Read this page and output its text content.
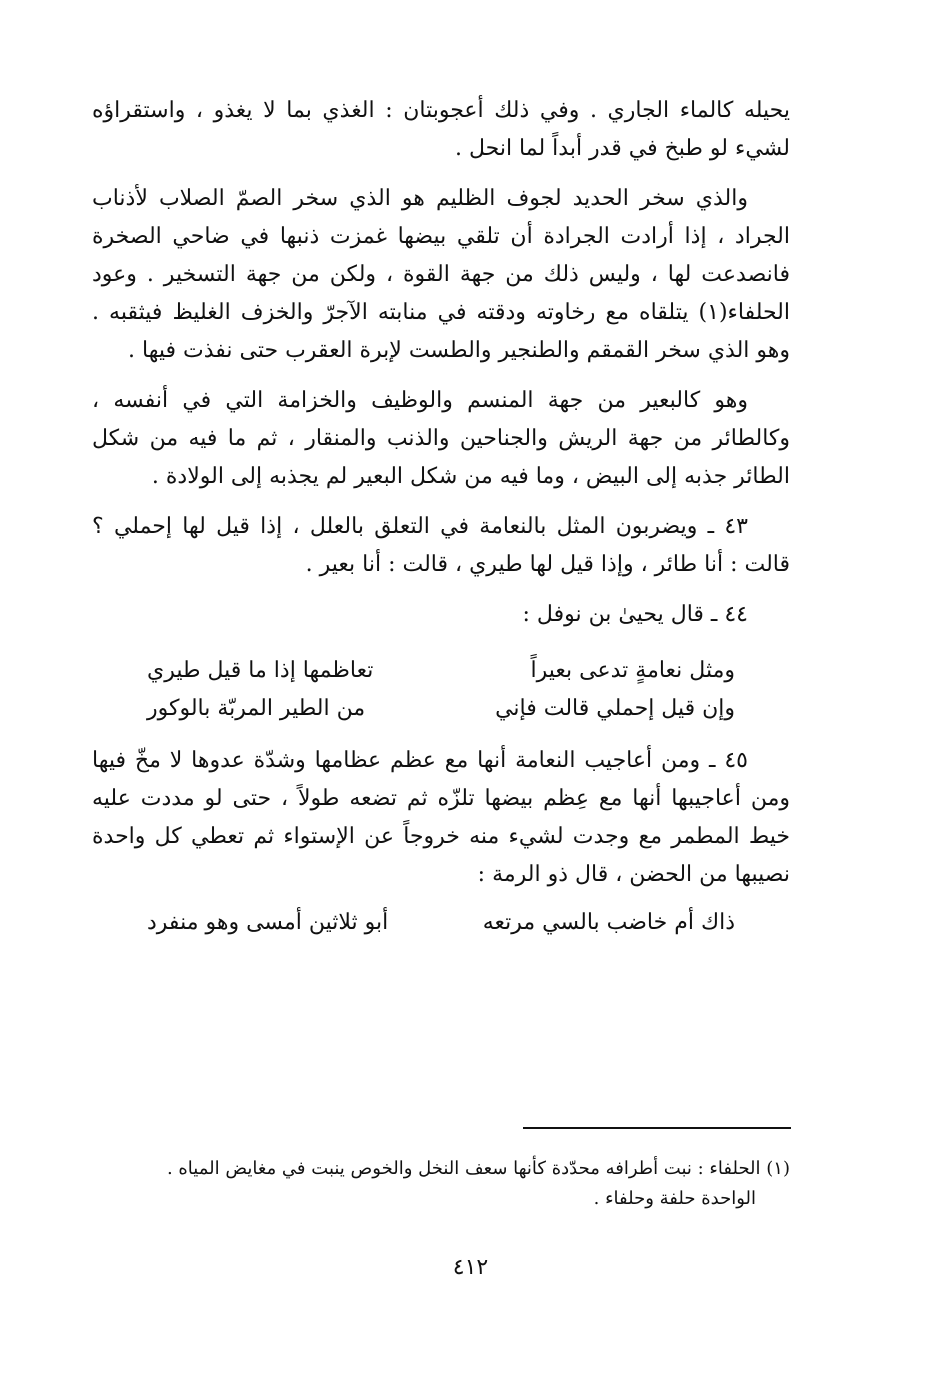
يحيله كالماء الجاري . وفي ذلك أعجوبتان : الغذي بما لا يغذو ، واستقراؤه لشيء لو طبخ في قدر أبداً لما انحل .

والذي سخر الحديد لجوف الظليم هو الذي سخر الصمّ الصلاب لأذناب الجراد ، إذا أرادت الجرادة أن تلقي بيضها غمزت ذنبها في ضاحي الصخرة فانصدعت لها ، وليس ذلك من جهة القوة ، ولكن من جهة التسخير . وعود الحلفاء(١) يتلقاه مع رخاوته ودقته في منابته الآجرّ والخزف الغليظ فيثقبه . وهو الذي سخر القمقم والطنجير والطست لإبرة العقرب حتى نفذت فيها .

وهو كالبعير من جهة المنسم والوظيف والخزامة التي في أنفسه ، وكالطائر من جهة الريش والجناحين والذنب والمنقار ، ثم ما فيه من شكل الطائر جذبه إلى البيض ، وما فيه من شكل البعير لم يجذبه إلى الولادة .

٤٣ ـ ويضربون المثل بالنعامة في التعلق بالعلل ، إذا قيل لها إحملي ؟ قالت : أنا طائر ، وإذا قيل لها طيري ، قالت : أنا بعير .

٤٤ ـ قال يحيىٰ بن نوفل :

ومثل نعامةٍ تدعى بعيراً
تعاظمها إذا ما قيل طيري
وإن قيل إحملي قالت فإني
من الطير المربّة بالوكور

٤٥ ـ ومن أعاجيب النعامة أنها مع عظم عظامها وشدّة عدوها لا مخّ فيها ومن أعاجيبها أنها مع عِظم بيضها تلزّه ثم تضعه طولاً ، حتى لو مددت عليه خيط المطمر مع وجدت لشيء منه خروجاً عن الإستواء ثم تعطي كل واحدة نصيبها من الحضن ، قال ذو الرمة :

ذاك أم خاضب بالسي مرتعه
أبو ثلاثين أمسى وهو منفرد

(١) الحلفاء : نبت أطرافه محدّدة كأنها سعف النخل والخوص ينبت في مغايض المياه .

الواحدة حلفة وحلفاء .

٤١٢
